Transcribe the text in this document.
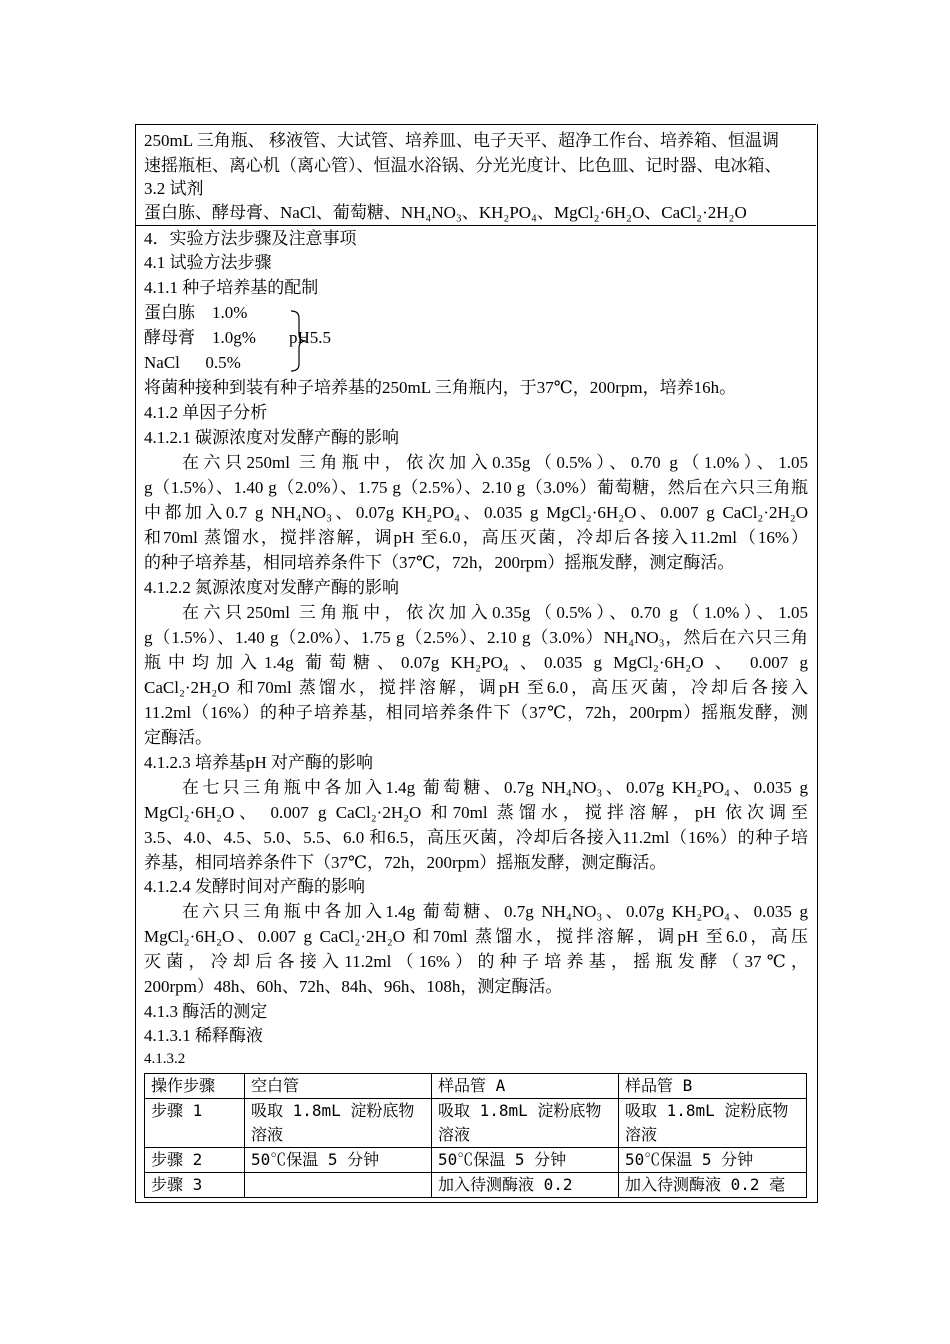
250mL 三角瓶、 移液管、大试管、培养皿、电子天平、超净工作台、培养箱、恒温调
速摇瓶柜、离心机（离心管）、恒温水浴锅、分光光度计、比色皿、记时器、电冰箱、
3.2 试剂
蛋白胨、酵母膏、NaCl、葡萄糖、NH₄NO₃、KH₂PO₄、MgCl₂·6H₂O、CaCl₂·2H₂O
4．实验方法步骤及注意事项
4.1 试验方法步骤
4.1.1 种子培养基的配制
蛋白胨 1.0%
酵母膏 1.0g%
NaCl 0.5%
pH5.5
将菌种接种到装有种子培养基的250mL 三角瓶内，于37℃，200rpm，培养16h。
4.1.2 单因子分析
4.1.2.1 碳源浓度对发酵产酶的影响
在六只250ml 三角瓶中，依次加入0.35g（0.5%）、0.70 g（1.0%）、1.05
g（1.5%）、1.40 g（2.0%）、1.75 g（2.5%）、2.10 g（3.0%）葡萄糖，然后在六只三角瓶
中都加入0.7 g NH₄NO₃、0.07g KH₂PO₄、0.035 g MgCl₂·6H₂O、0.007 g CaCl₂·2H₂O
和70ml 蒸馏水，搅拌溶解，调pH 至6.0，高压灭菌，冷却后各接入11.2ml（16%）
的种子培养基，相同培养条件下（37℃，72h，200rpm）摇瓶发酵，测定酶活。
4.1.2.2 氮源浓度对发酵产酶的影响
在六只250ml 三角瓶中，依次加入0.35g（0.5%）、0.70 g（1.0%）、1.05
g（1.5%）、1.40 g（2.0%）、1.75 g（2.5%）、2.10 g（3.0%）NH₄NO₃，然后在六只三角
瓶中均加入1.4g 葡萄糖、0.07g KH₂PO₄ 、0.035 g MgCl₂·6H₂O 、 0.007 g
CaCl₂·2H₂O 和70ml 蒸馏水，搅拌溶解，调pH 至6.0，高压灭菌，冷却后各接入
11.2ml（16%）的种子培养基，相同培养条件下（37℃，72h，200rpm）摇瓶发酵，测
定酶活。
4.1.2.3 培养基pH 对产酶的影响
在七只三角瓶中各加入1.4g 葡萄糖、0.7g NH₄NO₃、0.07g KH₂PO₄、0.035 g
MgCl₂·6H₂O、 0.007 g CaCl₂·2H₂O 和70ml 蒸馏水，搅拌溶解，pH 依次调至
3.5、4.0、4.5、5.0、5.5、6.0 和6.5，高压灭菌，冷却后各接入11.2ml（16%）的种子培
养基，相同培养条件下（37℃，72h，200rpm）摇瓶发酵，测定酶活。
4.1.2.4 发酵时间对产酶的影响
在六只三角瓶中各加入1.4g 葡萄糖、0.7g NH₄NO₃、0.07g KH₂PO₄、0.035 g
MgCl₂·6H₂O、0.007 g CaCl₂·2H₂O 和70ml 蒸馏水，搅拌溶解，调pH 至6.0，高压
灭菌，冷却后各接入11.2ml（16%）的种子培养基，摇瓶发酵（37℃，
200rpm）48h、60h、72h、84h、96h、108h，测定酶活。
4.1.3 酶活的测定
4.1.3.1 稀释酶液
4.1.3.2
操作步骤	空白管	样品管 A	样品管 B
步骤 1	吸取 1.8mL 淀粉底物溶液	吸取 1.8mL 淀粉底物溶液	吸取 1.8mL 淀粉底物溶液
步骤 2	50℃保温 5 分钟	50℃保温 5 分钟	50℃保温 5 分钟
步骤 3		加入待测酶液 0.2	加入待测酶液 0.2 毫
